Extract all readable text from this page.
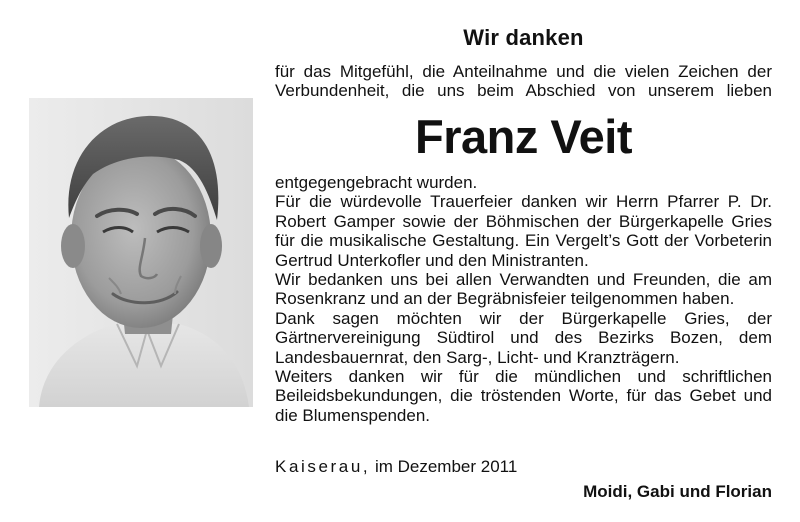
Wir danken

für das Mitgefühl, die Anteilnahme und die vielen Zeichen der

Verbundenheit, die uns beim Abschied von unserem lieben

Franz Veit

entgegengebracht wurden.

Für die würdevolle Trauerfeier danken wir Herrn Pfarrer P. Dr. Robert Gamper sowie der Böhmischen der Bürgerkapelle Gries für die musikalische Gestaltung. Ein Vergelt’s Gott der Vorbeterin Gertrud Unterkofler und den Ministranten.

Wir bedanken uns bei allen Verwandten und Freunden, die am Rosenkranz und an der Begräbnisfeier teilgenommen haben.

Dank sagen möchten wir der Bürgerkapelle Gries, der Gärtnervereinigung Südtirol und des Bezirks Bozen, dem Landesbauernrat, den Sarg-, Licht- und Kranzträgern.

Weiters danken wir für die mündlichen und schriftlichen Beileidsbekundungen, die tröstenden Worte, für das Gebet und die Blumenspenden.

Kaiserau, im Dezember 2011
Moidi, Gabi und Florian
